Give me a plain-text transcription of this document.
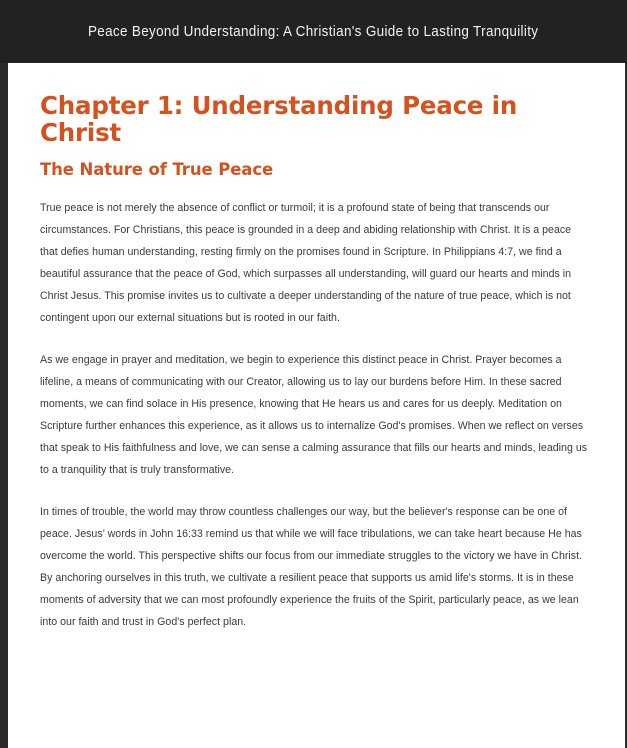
Peace Beyond Understanding: A Christian's Guide to Lasting Tranquility
Chapter 1: Understanding Peace in Christ
The Nature of True Peace

True peace is not merely the absence of conflict or turmoil; it is a profound state of being that transcends our circumstances. For Christians, this peace is grounded in a deep and abiding relationship with Christ. It is a peace that defies human understanding, resting firmly on the promises found in Scripture. In Philippians 4:7, we find a beautiful assurance that the peace of God, which surpasses all understanding, will guard our hearts and minds in Christ Jesus. This promise invites us to cultivate a deeper understanding of the nature of true peace, which is not contingent upon our external situations but is rooted in our faith.

As we engage in prayer and meditation, we begin to experience this distinct peace in Christ. Prayer becomes a lifeline, a means of communicating with our Creator, allowing us to lay our burdens before Him. In these sacred moments, we can find solace in His presence, knowing that He hears us and cares for us deeply. Meditation on Scripture further enhances this experience, as it allows us to internalize God's promises. When we reflect on verses that speak to His faithfulness and love, we can sense a calming assurance that fills our hearts and minds, leading us to a tranquility that is truly transformative.

In times of trouble, the world may throw countless challenges our way, but the believer's response can be one of peace. Jesus’ words in John 16:33 remind us that while we will face tribulations, we can take heart because He has overcome the world. This perspective shifts our focus from our immediate struggles to the victory we have in Christ. By anchoring ourselves in this truth, we cultivate a resilient peace that supports us amid life's storms. It is in these moments of adversity that we can most profoundly experience the fruits of the Spirit, particularly peace, as we lean into our faith and trust in God's perfect plan.
